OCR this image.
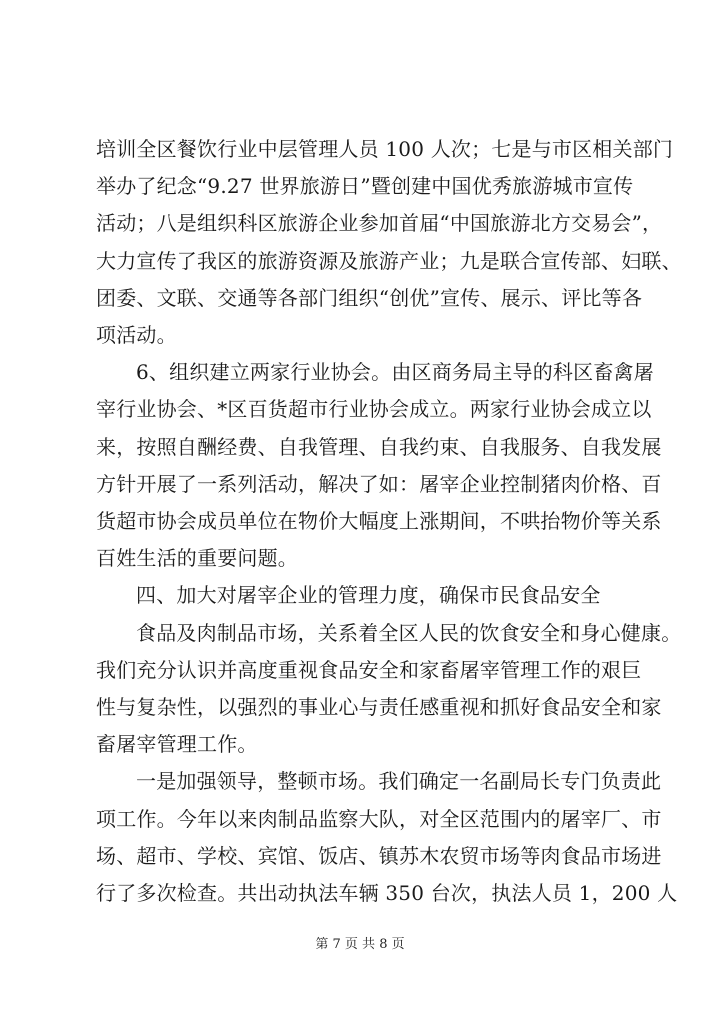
培训全区餐饮行业中层管理人员 100 人次；七是与市区相关部门
举办了纪念“9.27 世界旅游日”暨创建中国优秀旅游城市宣传
活动；八是组织科区旅游企业参加首届“中国旅游北方交易会”，
大力宣传了我区的旅游资源及旅游产业；九是联合宣传部、妇联、
团委、文联、交通等各部门组织“创优”宣传、展示、评比等各
项活动。
6、组织建立两家行业协会。由区商务局主导的科区畜禽屠
宰行业协会、*区百货超市行业协会成立。两家行业协会成立以
来，按照自酬经费、自我管理、自我约束、自我服务、自我发展
方针开展了一系列活动，解决了如：屠宰企业控制猪肉价格、百
货超市协会成员单位在物价大幅度上涨期间，不哄抬物价等关系
百姓生活的重要问题。
四、加大对屠宰企业的管理力度，确保市民食品安全
食品及肉制品市场，关系着全区人民的饮食安全和身心健康。
我们充分认识并高度重视食品安全和家畜屠宰管理工作的艰巨
性与复杂性，以强烈的事业心与责任感重视和抓好食品安全和家
畜屠宰管理工作。
一是加强领导，整顿市场。我们确定一名副局长专门负责此
项工作。今年以来肉制品监察大队，对全区范围内的屠宰厂、市
场、超市、学校、宾馆、饭店、镇苏木农贸市场等肉食品市场进
行了多次检查。共出动执法车辆 350 台次，执法人员 1，200 人
第 7 页 共 8 页
